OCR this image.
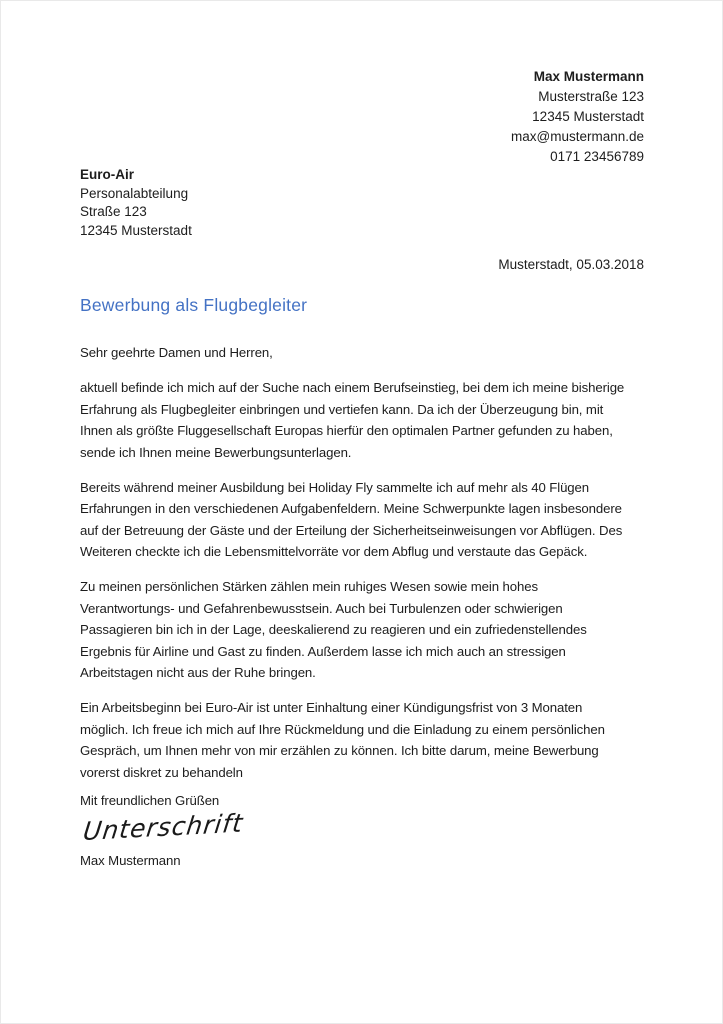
Max Mustermann
Musterstraße 123
12345 Musterstadt
max@mustermann.de
0171 23456789
Euro-Air
Personalabteilung
Straße 123
12345 Musterstadt
Musterstadt, 05.03.2018
Bewerbung als Flugbegleiter

Sehr geehrte Damen und Herren,

aktuell befinde ich mich auf der Suche nach einem Berufseinstieg, bei dem ich meine bisherige
Erfahrung als Flugbegleiter einbringen und vertiefen kann. Da ich der Überzeugung bin, mit
Ihnen als größte Fluggesellschaft Europas hierfür den optimalen Partner gefunden zu haben,
sende ich Ihnen meine Bewerbungsunterlagen.

Bereits während meiner Ausbildung bei Holiday Fly sammelte ich auf mehr als 40 Flügen
Erfahrungen in den verschiedenen Aufgabenfeldern. Meine Schwerpunkte lagen insbesondere
auf der Betreuung der Gäste und der Erteilung der Sicherheitseinweisungen vor Abflügen. Des
Weiteren checkte ich die Lebensmittelvorräte vor dem Abflug und verstaute das Gepäck.

Zu meinen persönlichen Stärken zählen mein ruhiges Wesen sowie mein hohes
Verantwortungs- und Gefahrenbewusstsein. Auch bei Turbulenzen oder schwierigen
Passagieren bin ich in der Lage, deeskalierend zu reagieren und ein zufriedenstellendes
Ergebnis für Airline und Gast zu finden. Außerdem lasse ich mich auch an stressigen
Arbeitstagen nicht aus der Ruhe bringen.

Ein Arbeitsbeginn bei Euro-Air ist unter Einhaltung einer Kündigungsfrist von 3 Monaten
möglich. Ich freue ich mich auf Ihre Rückmeldung und die Einladung zu einem persönlichen
Gespräch, um Ihnen mehr von mir erzählen zu können. Ich bitte darum, meine Bewerbung
vorerst diskret zu behandeln

Mit freundlichen Grüßen
Unterschrift
Max Mustermann
